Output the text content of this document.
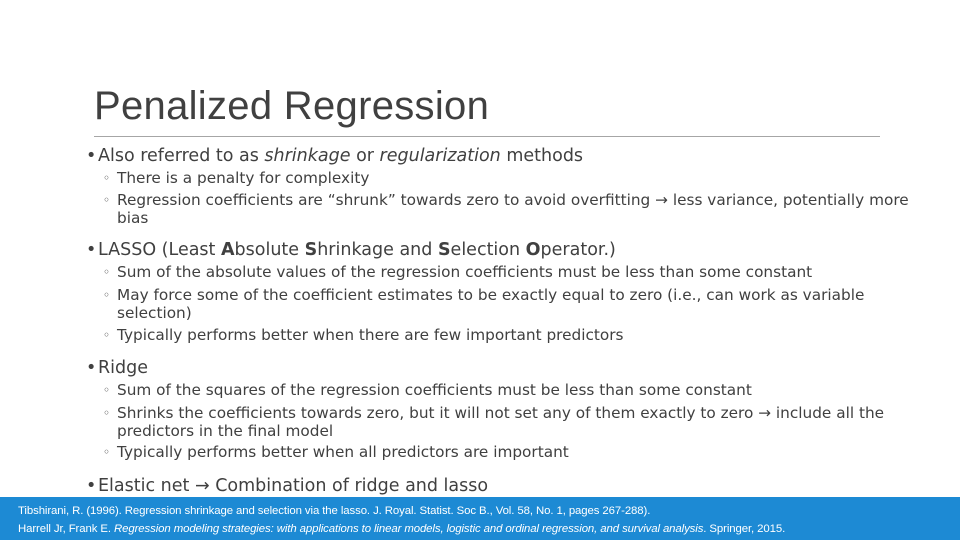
Penalized Regression
•Also referred to as shrinkage or regularization methods
◦ There is a penalty for complexity
◦ Regression coefficients are “shrunk” towards zero to avoid overfitting → less variance, potentially more bias
•LASSO (Least Absolute Shrinkage and Selection Operator.)
◦ Sum of the absolute values of the regression coefficients must be less than some constant
◦ May force some of the coefficient estimates to be exactly equal to zero (i.e., can work as variable selection)
◦ Typically performs better when there are few important predictors
•Ridge
◦ Sum of the squares of the regression coefficients must be less than some constant
◦ Shrinks the coefficients towards zero, but it will not set any of them exactly to zero → include all the predictors in the final model
◦ Typically performs better when all predictors are important
•Elastic net → Combination of ridge and lasso
Tibshirani, R. (1996). Regression shrinkage and selection via the lasso. J. Royal. Statist. Soc B., Vol. 58, No. 1, pages 267-288).
Harrell Jr, Frank E. Regression modeling strategies: with applications to linear models, logistic and ordinal regression, and survival analysis. Springer, 2015.
